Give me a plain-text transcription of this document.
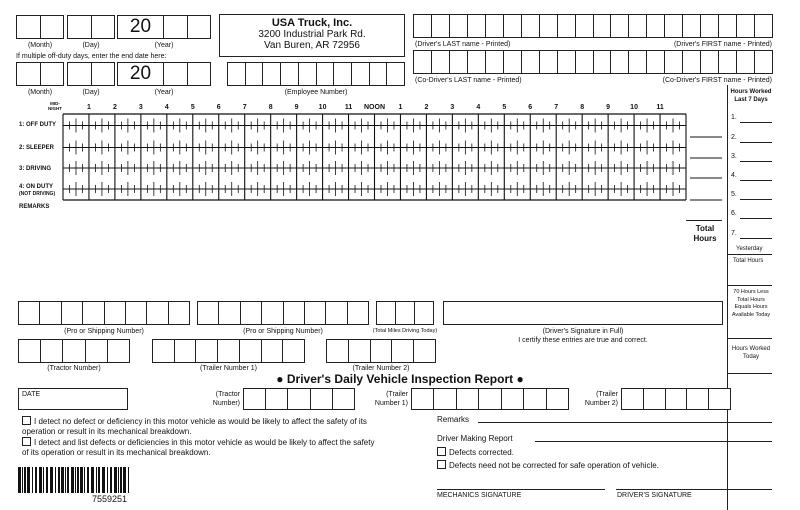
20
(Month)	(Day)	(Year)
If multiple off-duty days, enter the end date here:
20
(Month)	(Day)	(Year)
USA Truck, Inc.
3200 Industrial Park Rd.
Van Buren, AR 72956
(Employee Number)
(Driver's LAST name - Printed)	(Driver's FIRST name - Printed)
(Co-Driver's LAST name - Printed)	(Co-Driver's FIRST name - Printed)
MID-NIGHT	1	2	3	4	5	6	7	8	9	10	11	NOON	1	2	3	4	5	6	7	8	9	10	11
1: OFF DUTY
2: SLEEPER
3: DRIVING
4: ON DUTY
(NOT DRIVING)
REMARKS
Total Hours
Hours Worked Last 7 Days
1.
2.
3.
4.
5.
6.
7.
Yesterday
Total Hours
70 Hours Less Total Hours Equals Hours Available Today
Hours Worked Today
(Pro or Shipping Number)	(Pro or Shipping Number)	(Total Miles Driving Today)	(Driver's Signature in Full)
I certify these entries are true and correct.
(Tractor Number)	(Trailer Number 1)	(Trailer Number 2)
● Driver's Daily Vehicle Inspection Report ●
DATE	(Tractor
Number)
(Trailer
Number 1)
(Trailer
Number 2)
I detect no defect or deficiency in this motor vehicle as would be likely to affect the safety of its operation or result in its mechanical breakdown.
I detect and list defects or deficiencies in this motor vehicle as would be likely to affect the safety of its operation or result in its mechanical breakdown.
Remarks
Driver Making Report
Defects corrected.
Defects need not be corrected for safe operation of vehicle.
MECHANICS SIGNATURE	DRIVER'S SIGNATURE
7559251
